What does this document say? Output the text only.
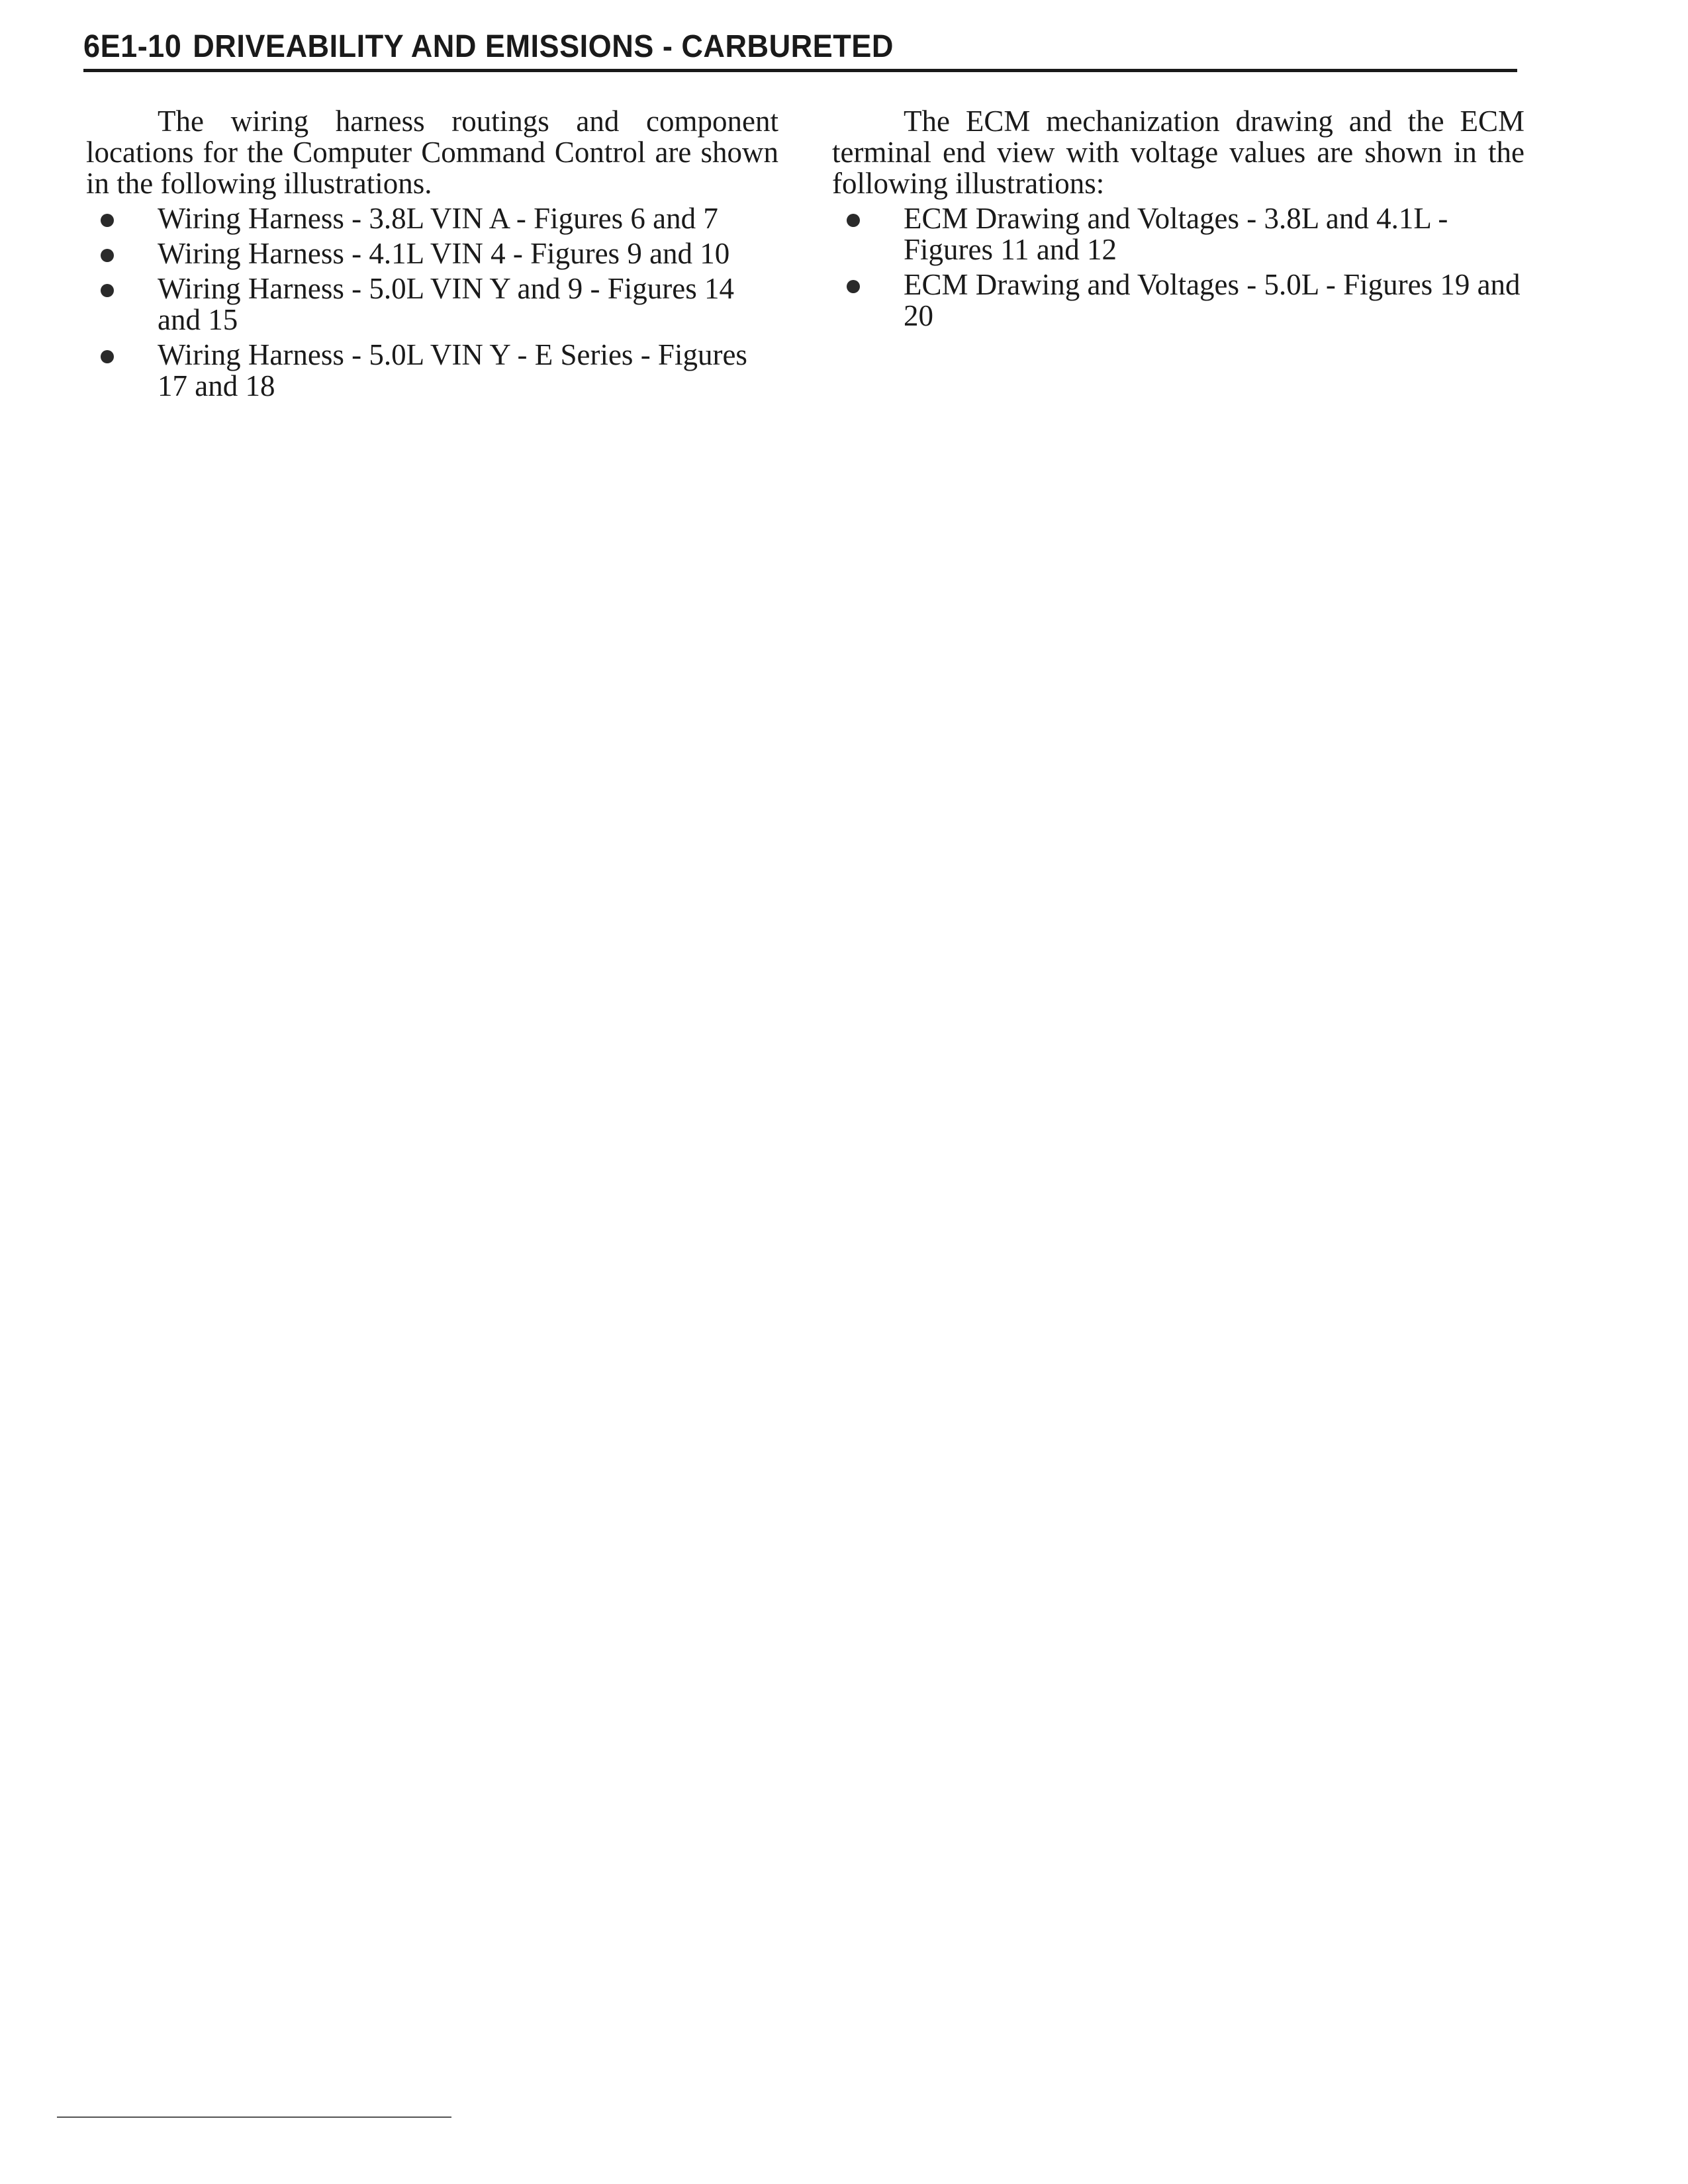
6E1-10 DRIVEABILITY AND EMISSIONS - CARBURETED

The wiring harness routings and component locations for the Computer Command Control are shown in the following illustrations.

Wiring Harness - 3.8L VIN A - Figures 6 and 7
Wiring Harness - 4.1L VIN 4 - Figures 9 and 10
Wiring Harness - 5.0L VIN Y and 9 - Figures 14 and 15
Wiring Harness - 5.0L VIN Y - E Series - Figures 17 and 18

The ECM mechanization drawing and the ECM terminal end view with voltage values are shown in the following illustrations:

ECM Drawing and Voltages - 3.8L and 4.1L - Figures 11 and 12
ECM Drawing and Voltages - 5.0L - Figures 19 and 20
